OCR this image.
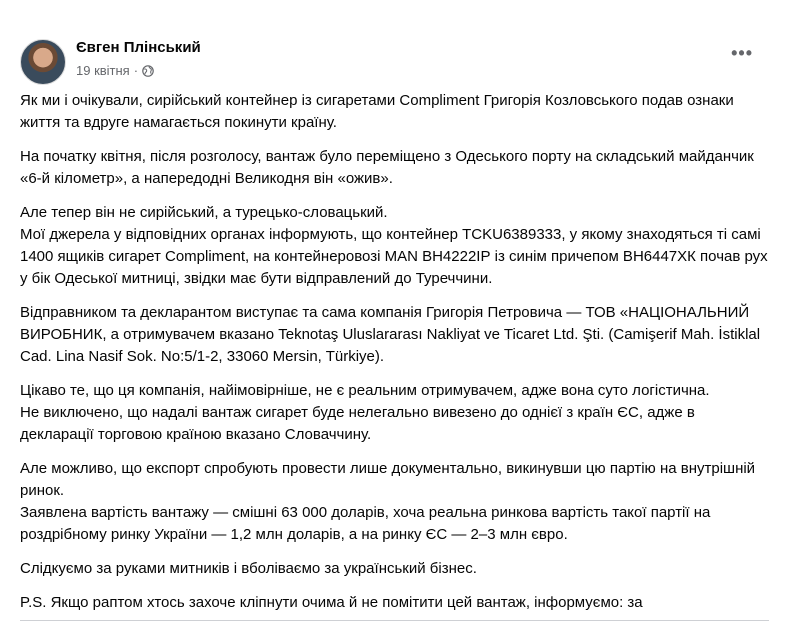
Євген Плінський
19 квітня ·
•••

Як ми і очікували, сирійський контейнер із сигаретами Compliment Григорія Козловського подав ознаки життя та вдруге намагається покинути країну.

На початку квітня, після розголосу, вантаж було переміщено з Одеського порту на складський майданчик «6-й кілометр», а напередодні Великодня він «ожив».

Але тепер він не сирійський, а турецько-словацький.
Мої джерела у відповідних органах інформують, що контейнер TCKU6389333, у якому знаходяться ті самі 1400 ящиків сигарет Compliment, на контейнеровозі MAN ВН4222ІР із синім причепом ВН6447ХК почав рух у бік Одеської митниці, звідки має бути відправлений до Туреччини.

Відправником та декларантом виступає та сама компанія Григорія Петровича — ТОВ «НАЦІОНАЛЬНИЙ ВИРОБНИК, а отримувачем вказано Teknotaş Uluslararası Nakliyat ve Ticaret Ltd. Şti. (Camişerif Mah. İstiklal Cad. Lina Nasif Sok. No:5/1-2, 33060 Mersin, Türkiye).

Цікаво те, що ця компанія, найімовірніше, не є реальним отримувачем, адже вона суто логістична.
Не виключено, що надалі вантаж сигарет буде нелегально вивезено до однієї з країн ЄС, адже в декларації торговою країною вказано Словаччину.

Але можливо, що експорт спробують провести лише документально, викинувши цю партію на внутрішній ринок.
Заявлена вартість вантажу — смішні 63 000 доларів, хоча реальна ринкова вартість такої партії на роздрібному ринку України — 1,2 млн доларів, а на ринку ЄС — 2–3 млн євро.

Слідкуємо за руками митників і вболіваємо за український бізнес.

P.S. Якщо раптом хтось захоче кліпнути очима й не помітити цей вантаж, інформуємо: за
